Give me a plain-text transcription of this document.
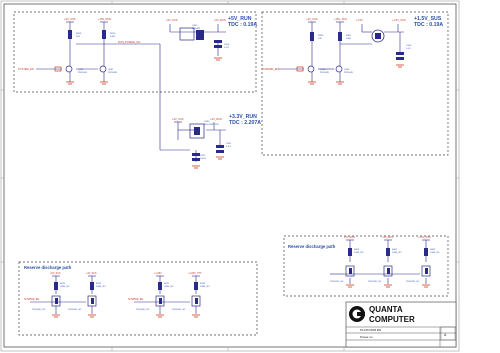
SYSTEM_EN
+3V_SUS	+15V_RUN	+5V_SUS	+5V_RUN
RUN_POWER_ON
R209
10K
R210
100K
Q300
2N7002K
Q301
2N7002K
Q302
AO3409
C500
0.1U
+5V_RUN
TDC : 0.19A
+3V_SUS	+3V_RUN
Q303
AO4478/MTDK
C501
0.1U
C502
0.01U
+3.3V_RUN
TDC : 2.207A
SUSPWR_EN
+3V_SUS	+15V_SUS	+1.5V	+1.5V_SUS
R300
10K
R301
100K
Q304
2N7002K
Q305
2N7002K
C503
0.1U
+1.5V_SUS
TDC : 0.19A
Reserve discharge path
R400
100R_NC
R401
100R_NC
R402
100R_NC
2N7002K_NC	2N7002K_NC	2N7002K_NC
+5V_RUN	+3V_RUN	+1.5V_SUS
Reserve discharge path
+5V_SUS	+3V_SUS	+1.05V	+1.05V_VTT
SUSPWR_EN	SUSPWR_EN
R410
100R_NC
R411
100R_NC
R412
100R_NC
R413
100R_NC
2N7002K_NC	2N7002K_NC	2N7002K_NC	2N7002K_NC
A
QUANTA
COMPUTER
PLATFORM BH
Power on
